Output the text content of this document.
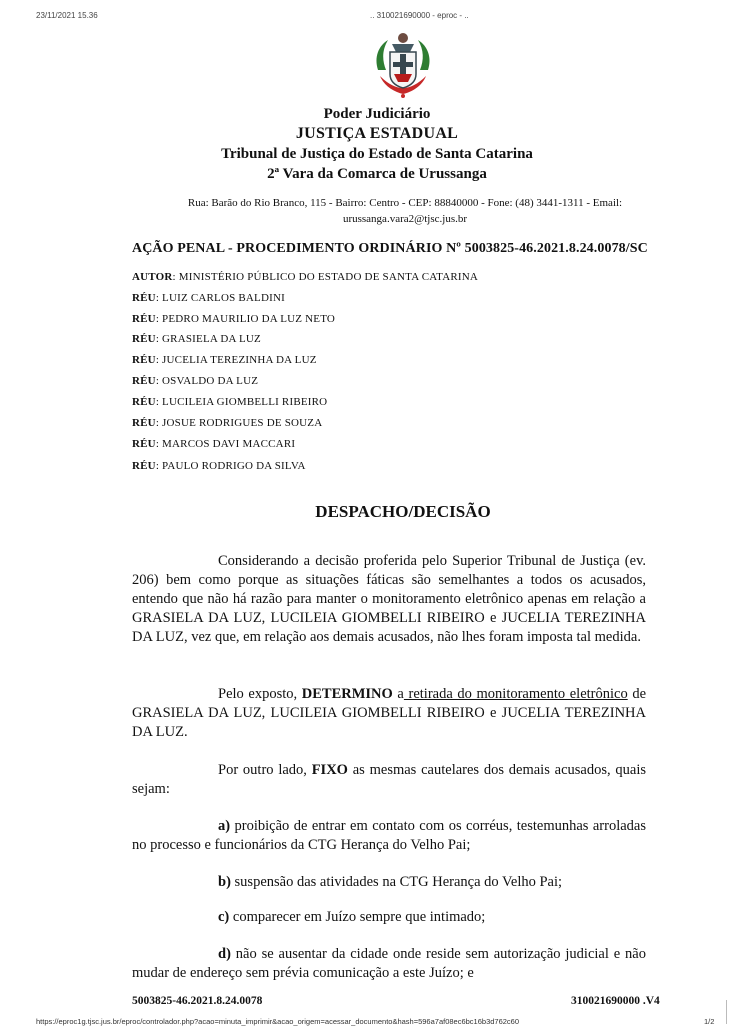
23/11/2021 15.36	.. 310021690000 - eproc - ..
Poder Judiciário
JUSTIÇA ESTADUAL
Tribunal de Justiça do Estado de Santa Catarina
2ª Vara da Comarca de Urussanga
Rua: Barão do Rio Branco, 115 - Bairro: Centro - CEP: 88840000 - Fone: (48) 3441-1311 - Email:
urussanga.vara2@tjsc.jus.br
AÇÃO PENAL - PROCEDIMENTO ORDINÁRIO Nº 5003825-46.2021.8.24.0078/SC
AUTOR: MINISTÉRIO PÚBLICO DO ESTADO DE SANTA CATARINA
RÉU: LUIZ CARLOS BALDINI
RÉU: PEDRO MAURILIO DA LUZ NETO
RÉU: GRASIELA DA LUZ
RÉU: JUCELIA TEREZINHA DA LUZ
RÉU: OSVALDO DA LUZ
RÉU: LUCILEIA GIOMBELLI RIBEIRO
RÉU: JOSUE RODRIGUES DE SOUZA
RÉU: MARCOS DAVI MACCARI
RÉU: PAULO RODRIGO DA SILVA
DESPACHO/DECISÃO
Considerando a decisão proferida pelo Superior Tribunal de Justiça (ev. 206) bem como porque as situações fáticas são semelhantes a todos os acusados, entendo que não há razão para manter o monitoramento eletrônico apenas em relação a GRASIELA DA LUZ, LUCILEIA GIOMBELLI RIBEIRO e JUCELIA TEREZINHA DA LUZ, vez que, em relação aos demais acusados, não lhes foram imposta tal medida.
Pelo exposto, DETERMINO a retirada do monitoramento eletrônico de GRASIELA DA LUZ, LUCILEIA GIOMBELLI RIBEIRO e JUCELIA TEREZINHA DA LUZ.
Por outro lado, FIXO as mesmas cautelares dos demais acusados, quais sejam:
a) proibição de entrar em contato com os corréus, testemunhas arroladas no processo e funcionários da CTG Herança do Velho Pai;
b) suspensão das atividades na CTG Herança do Velho Pai;
c) comparecer em Juízo sempre que intimado;
d) não se ausentar da cidade onde reside sem autorização judicial e não mudar de endereço sem prévia comunicação a este Juízo; e
5003825-46.2021.8.24.0078	310021690000 .V4
https://eproc1g.tjsc.jus.br/eproc/controlador.php?acao=minuta_imprimir&acao_origem=acessar_documento&hash=596a7af08ec6bc16b3d762c60	1/2
